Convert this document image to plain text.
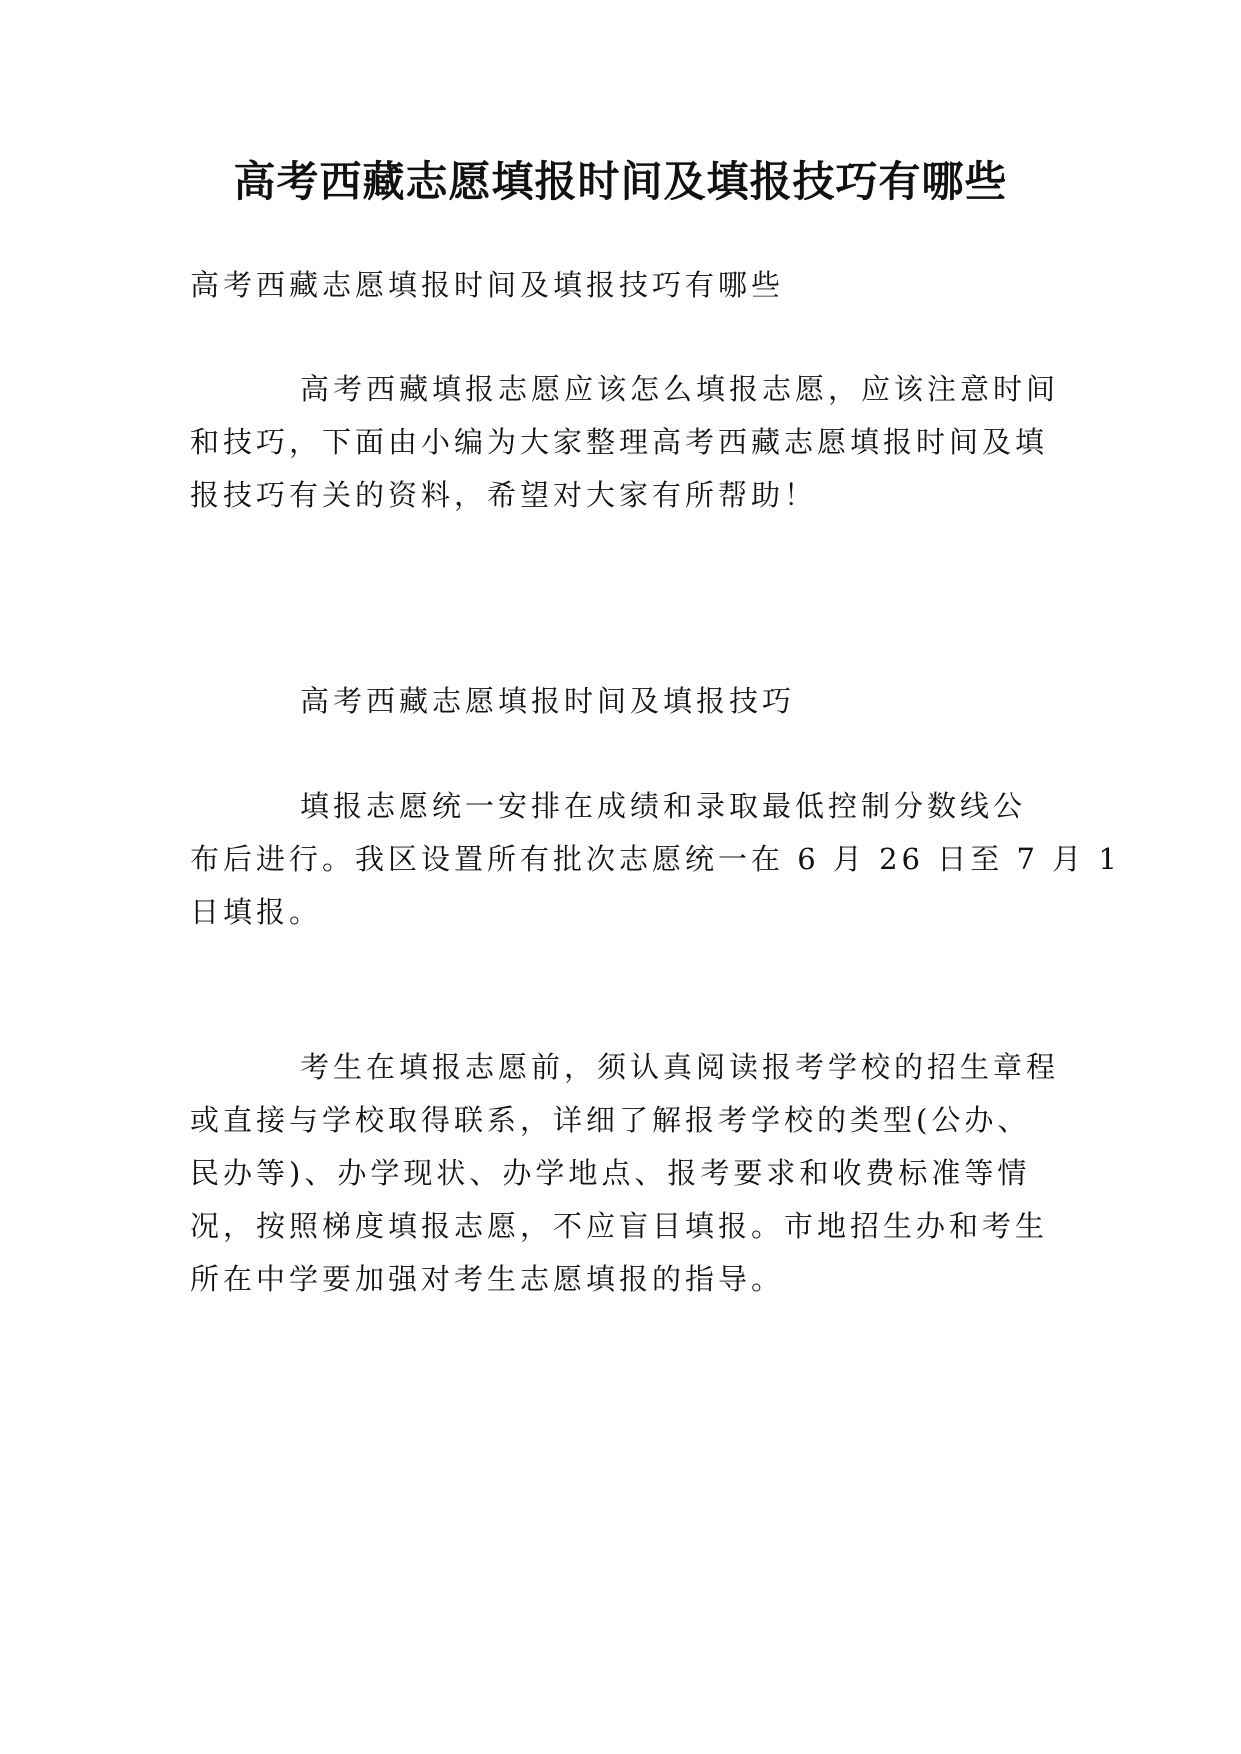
高考西藏志愿填报时间及填报技巧有哪些
高考西藏志愿填报时间及填报技巧有哪些
高考西藏填报志愿应该怎么填报志愿，应该注意时间
和技巧，下面由小编为大家整理高考西藏志愿填报时间及填
报技巧有关的资料，希望对大家有所帮助！
高考西藏志愿填报时间及填报技巧
填报志愿统一安排在成绩和录取最低控制分数线公
布后进行。我区设置所有批次志愿统一在 6 月 26 日至 7 月 1
日填报。
考生在填报志愿前，须认真阅读报考学校的招生章程
或直接与学校取得联系，详细了解报考学校的类型(公办、
民办等)、办学现状、办学地点、报考要求和收费标准等情
况，按照梯度填报志愿，不应盲目填报。市地招生办和考生
所在中学要加强对考生志愿填报的指导。
